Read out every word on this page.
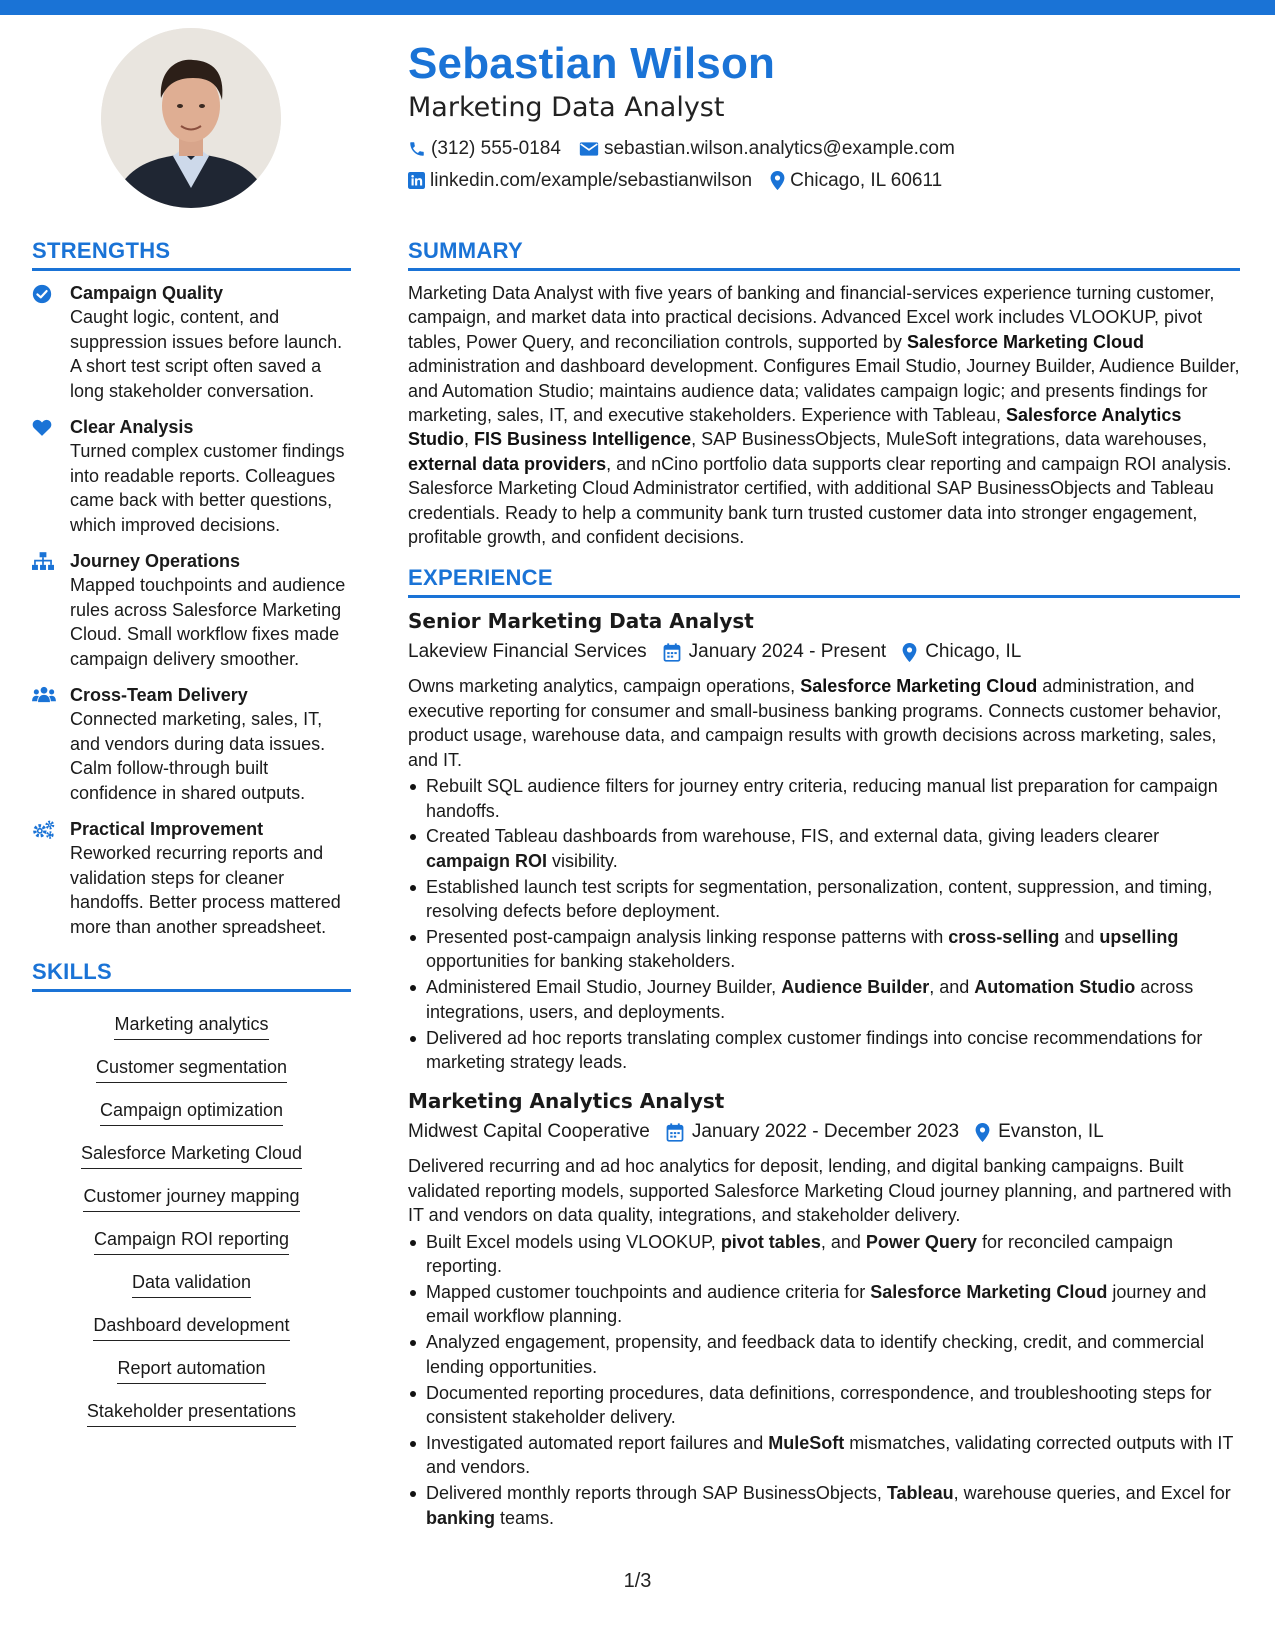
Sebastian Wilson
Marketing Data Analyst
(312) 555-0184 sebastian.wilson.analytics@example.com
linkedin.com/example/sebastianwilson Chicago, IL 60611
STRENGTHS
Campaign Quality
Caught logic, content, and suppression issues before launch. A short test script often saved a long stakeholder conversation.
Clear Analysis
Turned complex customer findings into readable reports. Colleagues came back with better questions, which improved decisions.
Journey Operations
Mapped touchpoints and audience rules across Salesforce Marketing Cloud. Small workflow fixes made campaign delivery smoother.
Cross-Team Delivery
Connected marketing, sales, IT, and vendors during data issues. Calm follow-through built confidence in shared outputs.
Practical Improvement
Reworked recurring reports and validation steps for cleaner handoffs. Better process mattered more than another spreadsheet.
SKILLS
Marketing analytics
Customer segmentation
Campaign optimization
Salesforce Marketing Cloud
Customer journey mapping
Campaign ROI reporting
Data validation
Dashboard development
Report automation
Stakeholder presentations
SUMMARY

Marketing Data Analyst with five years of banking and financial-services experience turning customer, campaign, and market data into practical decisions. Advanced Excel work includes VLOOKUP, pivot tables, Power Query, and reconciliation controls, supported by Salesforce Marketing Cloud administration and dashboard development. Configures Email Studio, Journey Builder, Audience Builder, and Automation Studio; maintains audience data; validates campaign logic; and presents findings for marketing, sales, IT, and executive stakeholders. Experience with Tableau, Salesforce Analytics Studio, FIS Business Intelligence, SAP BusinessObjects, MuleSoft integrations, data warehouses, external data providers, and nCino portfolio data supports clear reporting and campaign ROI analysis. Salesforce Marketing Cloud Administrator certified, with additional SAP BusinessObjects and Tableau credentials. Ready to help a community bank turn trusted customer data into stronger engagement, profitable growth, and confident decisions.

EXPERIENCE
Senior Marketing Data Analyst
Lakeview Financial Services January 2024 - Present Chicago, IL

Owns marketing analytics, campaign operations, Salesforce Marketing Cloud administration, and executive reporting for consumer and small-business banking programs. Connects customer behavior, product usage, warehouse data, and campaign results with growth decisions across marketing, sales, and IT.

Rebuilt SQL audience filters for journey entry criteria, reducing manual list preparation for campaign handoffs.
Created Tableau dashboards from warehouse, FIS, and external data, giving leaders clearer campaign ROI visibility.
Established launch test scripts for segmentation, personalization, content, suppression, and timing, resolving defects before deployment.
Presented post-campaign analysis linking response patterns with cross-selling and upselling opportunities for banking stakeholders.
Administered Email Studio, Journey Builder, Audience Builder, and Automation Studio across integrations, users, and deployments.
Delivered ad hoc reports translating complex customer findings into concise recommendations for marketing strategy leads.
Marketing Analytics Analyst
Midwest Capital Cooperative January 2022 - December 2023 Evanston, IL

Delivered recurring and ad hoc analytics for deposit, lending, and digital banking campaigns. Built validated reporting models, supported Salesforce Marketing Cloud journey planning, and partnered with IT and vendors on data quality, integrations, and stakeholder delivery.

Built Excel models using VLOOKUP, pivot tables, and Power Query for reconciled campaign reporting.
Mapped customer touchpoints and audience criteria for Salesforce Marketing Cloud journey and email workflow planning.
Analyzed engagement, propensity, and feedback data to identify checking, credit, and commercial lending opportunities.
Documented reporting procedures, data definitions, correspondence, and troubleshooting steps for consistent stakeholder delivery.
Investigated automated report failures and MuleSoft mismatches, validating corrected outputs with IT and vendors.
Delivered monthly reports through SAP BusinessObjects, Tableau, warehouse queries, and Excel for banking teams.
1/3
